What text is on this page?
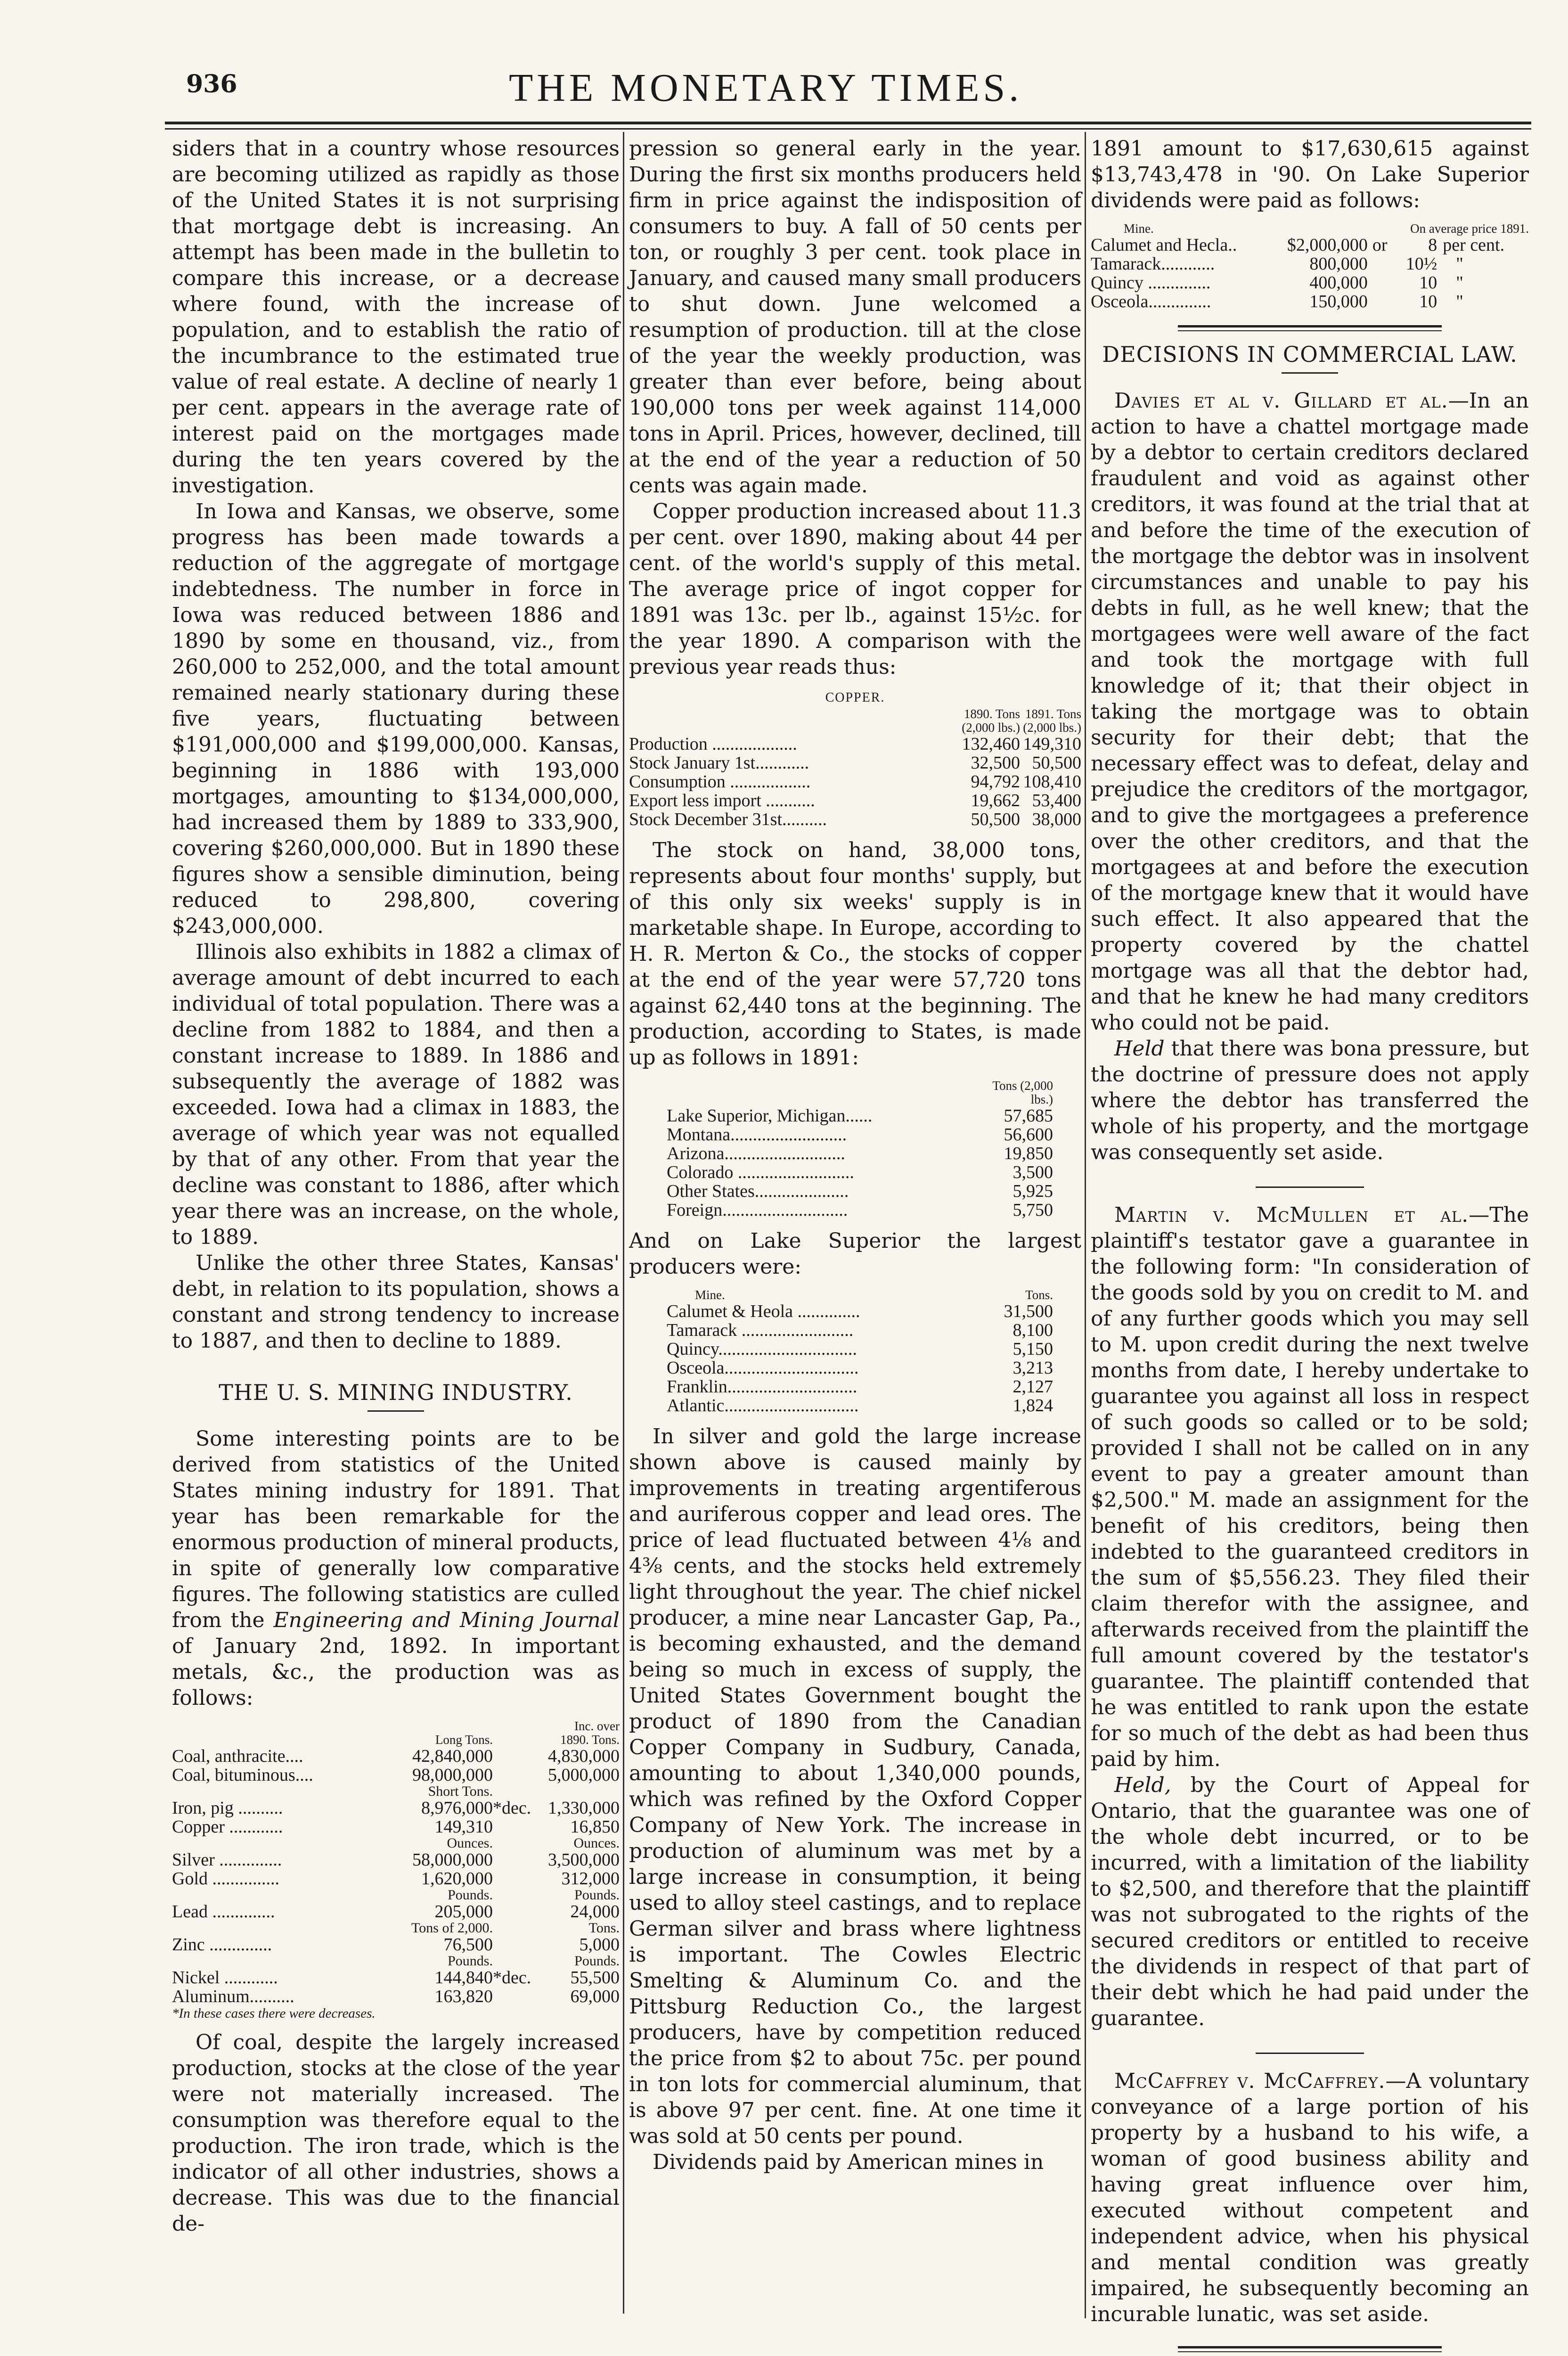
936	THE MONETARY TIMES.

siders that in a country whose resources are becoming utilized as rapidly as those of the United States it is not surprising that mortgage debt is increasing. An attempt has been made in the bulletin to compare this increase, or a decrease where found, with the increase of population, and to establish the ratio of the incumbrance to the estimated true value of real estate. A decline of nearly 1 per cent. appears in the average rate of interest paid on the mortgages made during the ten years covered by the investigation.

In Iowa and Kansas, we observe, some progress has been made towards a reduction of the aggregate of mortgage indebtedness. The number in force in Iowa was reduced between 1886 and 1890 by some en thousand, viz., from 260,000 to 252,000, and the total amount remained nearly stationary during these five years, fluctuating between $191,000,000 and $199,000,000. Kansas, beginning in 1886 with 193,000 mortgages, amounting to $134,000,000, had increased them by 1889 to 333,900, covering $260,000,000. But in 1890 these figures show a sensible diminution, being reduced to 298,800, covering $243,000,000.

Illinois also exhibits in 1882 a climax of average amount of debt incurred to each individual of total population. There was a decline from 1882 to 1884, and then a constant increase to 1889. In 1886 and subsequently the average of 1882 was exceeded. Iowa had a climax in 1883, the average of which year was not equalled by that of any other. From that year the decline was constant to 1886, after which year there was an increase, on the whole, to 1889.

Unlike the other three States, Kansas' debt, in relation to its population, shows a constant and strong tendency to increase to 1887, and then to decline to 1889.

THE U. S. MINING INDUSTRY.

Some interesting points are to be derived from statistics of the United States mining industry for 1891. That year has been remarkable for the enormous production of mineral products, in spite of generally low comparative figures. The following statistics are culled from the Engineering and Mining Journal of January 2nd, 1892. In important metals, &c., the production was as follows:

	Long Tons.		Inc. over 1890. Tons.
Coal, anthracite....	42,840,000		4,830,000
Coal, bituminous....	98,000,000		5,000,000
	Short Tons.		
Iron, pig ..........	8,976,000	*dec.	1,330,000
Copper ............	149,310		16,850
	Ounces.		Ounces.
Silver ..............	58,000,000		3,500,000
Gold ...............	1,620,000		312,000
	Pounds.		Pounds.
Lead ..............	205,000		24,000
	Tons of 2,000.		Tons.
Zinc ..............	76,500		5,000
	Pounds.		Pounds.
Nickel ............	144,840	*dec.	55,500
Aluminum..........	163,820		69,000
*In these cases there were decreases.			

Of coal, despite the largely increased production, stocks at the close of the year were not materially increased. The consumption was therefore equal to the production. The iron trade, which is the indicator of all other industries, shows a decrease. This was due to the financial de-

pression so general early in the year. During the first six months producers held firm in price against the indisposition of consumers to buy. A fall of 50 cents per ton, or roughly 3 per cent. took place in January, and caused many small producers to shut down. June welcomed a resumption of production. till at the close of the year the weekly production, was greater than ever before, being about 190,000 tons per week against 114,000 tons in April. Prices, however, declined, till at the end of the year a reduction of 50 cents was again made.

Copper production increased about 11.3 per cent. over 1890, making about 44 per cent. of the world's supply of this metal. The average price of ingot copper for 1891 was 13c. per lb., against 15½c. for the year 1890. A comparison with the previous year reads thus:

COPPER.
	1890. Tons (2,000 lbs.)	1891. Tons (2,000 lbs.)
Production ...................	132,460	149,310
Stock January 1st............	32,500	50,500
Consumption ..................	94,792	108,410
Export less import ...........	19,662	53,400
Stock December 31st..........	50,500	38,000

The stock on hand, 38,000 tons, represents about four months' supply, but of this only six weeks' supply is in marketable shape. In Europe, according to H. R. Merton & Co., the stocks of copper at the end of the year were 57,720 tons against 62,440 tons at the beginning. The production, according to States, is made up as follows in 1891:

	Tons (2,000 lbs.)
Lake Superior, Michigan......	57,685
Montana..........................	56,600
Arizona...........................	19,850
Colorado ..........................	3,500
Other States.....................	5,925
Foreign............................	5,750

And on Lake Superior the largest producers were:

Mine.	Tons.
Calumet & Heola ..............	31,500
Tamarack .........................	8,100
Quincy...............................	5,150
Osceola..............................	3,213
Franklin.............................	2,127
Atlantic..............................	1,824

In silver and gold the large increase shown above is caused mainly by improvements in treating argentiferous and auriferous copper and lead ores. The price of lead fluctuated between 4⅛ and 4⅜ cents, and the stocks held extremely light throughout the year. The chief nickel producer, a mine near Lancaster Gap, Pa., is becoming exhausted, and the demand being so much in excess of supply, the United States Government bought the product of 1890 from the Canadian Copper Company in Sudbury, Canada, amounting to about 1,340,000 pounds, which was refined by the Oxford Copper Company of New York. The increase in production of aluminum was met by a large increase in consumption, it being used to alloy steel castings, and to replace German silver and brass where lightness is important. The Cowles Electric Smelting & Aluminum Co. and the Pittsburg Reduction Co., the largest producers, have by competition reduced the price from $2 to about 75c. per pound in ton lots for commercial aluminum, that is above 97 per cent. fine. At one time it was sold at 50 cents per pound.

Dividends paid by American mines in

1891 amount to $17,630,615 against $13,743,478 in '90. On Lake Superior dividends were paid as follows:

Mine.		On average price 1891.		
Calumet and Hecla..	$2,000,000	or	8	per cent.
Tamarack............	800,000		10½	"
Quincy ..............	400,000		10	"
Osceola..............	150,000		10	"
DECISIONS IN COMMERCIAL LAW.

Davies et al v. Gillard et al.—In an action to have a chattel mortgage made by a debtor to certain creditors declared fraudulent and void as against other creditors, it was found at the trial that at and before the time of the execution of the mortgage the debtor was in insolvent circumstances and unable to pay his debts in full, as he well knew; that the mortgagees were well aware of the fact and took the mortgage with full knowledge of it; that their object in taking the mortgage was to obtain security for their debt; that the necessary effect was to defeat, delay and prejudice the creditors of the mortgagor, and to give the mortgagees a preference over the other creditors, and that the mortgagees at and before the execution of the mortgage knew that it would have such effect. It also appeared that the property covered by the chattel mortgage was all that the debtor had, and that he knew he had many creditors who could not be paid.

Held that there was bona pressure, but the doctrine of pressure does not apply where the debtor has transferred the whole of his property, and the mortgage was consequently set aside.

Martin v. McMullen et al.—The plaintiff's testator gave a guarantee in the following form: "In consideration of the goods sold by you on credit to M. and of any further goods which you may sell to M. upon credit during the next twelve months from date, I hereby undertake to guarantee you against all loss in respect of such goods so called or to be sold; provided I shall not be called on in any event to pay a greater amount than $2,500." M. made an assignment for the benefit of his creditors, being then indebted to the guaranteed creditors in the sum of $5,556.23. They filed their claim therefor with the assignee, and afterwards received from the plaintiff the full amount covered by the testator's guarantee. The plaintiff contended that he was entitled to rank upon the estate for so much of the debt as had been thus paid by him.

Held, by the Court of Appeal for Ontario, that the guarantee was one of the whole debt incurred, or to be incurred, with a limitation of the liability to $2,500, and therefore that the plaintiff was not subrogated to the rights of the secured creditors or entitled to receive the dividends in respect of that part of their debt which he had paid under the guarantee.

McCaffrey v. McCaffrey.—A voluntary conveyance of a large portion of his property by a husband to his wife, a woman of good business ability and having great influence over him, executed without competent and independent advice, when his physical and mental condition was greatly impaired, he subsequently becoming an incurable lunatic, was set aside.
